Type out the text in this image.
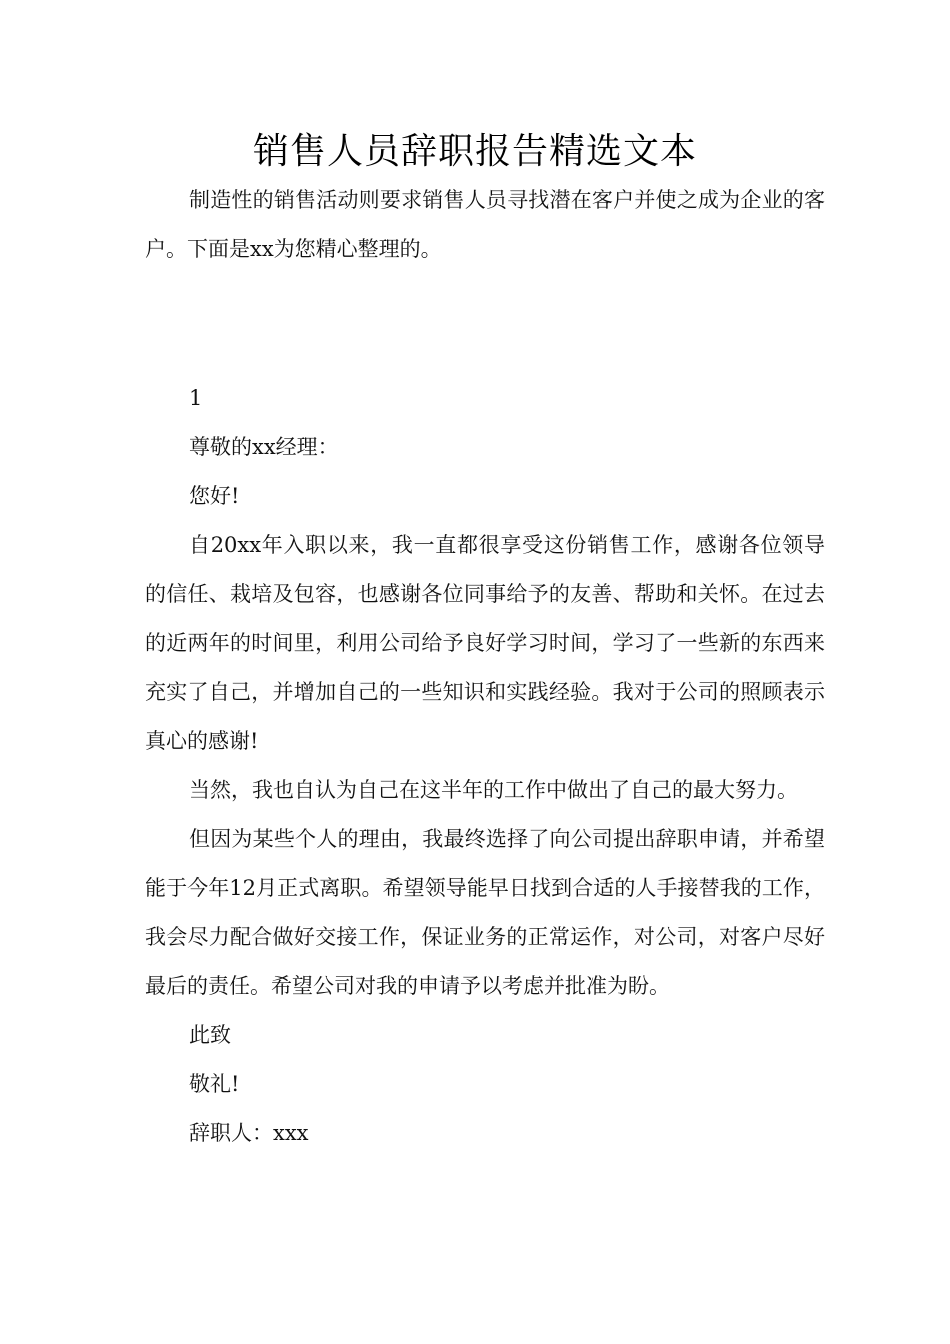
销售人员辞职报告精选文本

制造性的销售活动则要求销售人员寻找潜在客户并使之成为企业的客户。下面是xx为您精心整理的。

1

尊敬的xx经理：

您好!

自20xx年入职以来，我一直都很享受这份销售工作，感谢各位领导的信任、栽培及包容，也感谢各位同事给予的友善、帮助和关怀。在过去的近两年的时间里，利用公司给予良好学习时间，学习了一些新的东西来充实了自己，并增加自己的一些知识和实践经验。我对于公司的照顾表示真心的感谢!

当然，我也自认为自己在这半年的工作中做出了自己的最大努力。

但因为某些个人的理由，我最终选择了向公司提出辞职申请，并希望能于今年12月正式离职。希望领导能早日找到合适的人手接替我的工作，我会尽力配合做好交接工作，保证业务的正常运作，对公司，对客户尽好最后的责任。希望公司对我的申请予以考虑并批准为盼。

此致

敬礼!

辞职人：xxx
